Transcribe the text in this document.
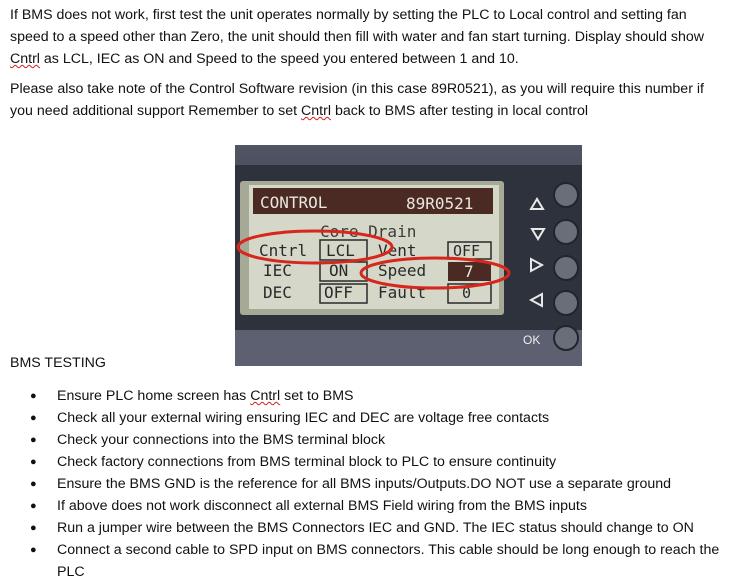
If BMS does not work, first test the unit operates normally by setting the PLC to Local control and setting fan speed to a speed other than Zero, the unit should then fill with water and fan start turning. Display should show Cntrl as LCL, IEC as ON and Speed to the speed you entered between 1 and 10.

Please also take note of the Control Software revision (in this case 89R0521), as you will require this number if you need additional support Remember to set Cntrl back to BMS after testing in local control

CONTROL	89R0521
Core Drain
Cntrl LCL Vent OFF
IEC ON Speed 7
DEC OFF Fault 0
OK

BMS TESTING

● Ensure PLC home screen has Cntrl set to BMS
● Check all your external wiring ensuring IEC and DEC are voltage free contacts
● Check your connections into the BMS terminal block
● Check factory connections from BMS terminal block to PLC to ensure continuity
● Ensure the BMS GND is the reference for all BMS inputs/Outputs.DO NOT use a separate ground
● If above does not work disconnect all external BMS Field wiring from the BMS inputs
● Run a jumper wire between the BMS Connectors IEC and GND. The IEC status should change to ON
● Connect a second cable to SPD input on BMS connectors. This cable should be long enough to reach the PLC
